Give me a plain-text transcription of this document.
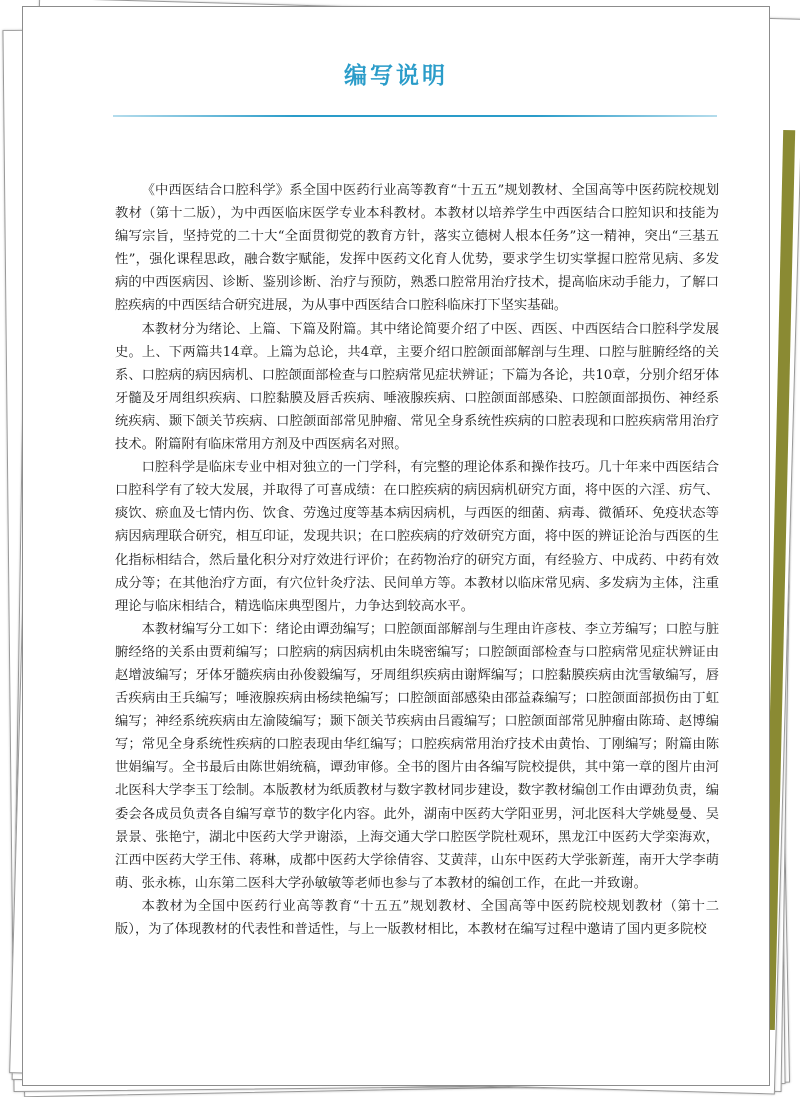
编写说明

《中西医结合口腔科学》系全国中医药行业高等教育“十五五”规划教材、全国高等中医药院校规划教材（第十二版），为中西医临床医学专业本科教材。本教材以培养学生中西医结合口腔知识和技能为编写宗旨，坚持党的二十大“全面贯彻党的教育方针，落实立德树人根本任务”这一精神，突出“三基五性”，强化课程思政，融合数字赋能，发挥中医药文化育人优势，要求学生切实掌握口腔常见病、多发病的中西医病因、诊断、鉴别诊断、治疗与预防，熟悉口腔常用治疗技术，提高临床动手能力，了解口腔疾病的中西医结合研究进展，为从事中西医结合口腔科临床打下坚实基础。

本教材分为绪论、上篇、下篇及附篇。其中绪论简要介绍了中医、西医、中西医结合口腔科学发展史。上、下两篇共14章。上篇为总论，共4章，主要介绍口腔颌面部解剖与生理、口腔与脏腑经络的关系、口腔病的病因病机、口腔颌面部检查与口腔病常见症状辨证；下篇为各论，共10章，分别介绍牙体牙髓及牙周组织疾病、口腔黏膜及唇舌疾病、唾液腺疾病、口腔颌面部感染、口腔颌面部损伤、神经系统疾病、颞下颌关节疾病、口腔颌面部常见肿瘤、常见全身系统性疾病的口腔表现和口腔疾病常用治疗技术。附篇附有临床常用方剂及中西医病名对照。

口腔科学是临床专业中相对独立的一门学科，有完整的理论体系和操作技巧。几十年来中西医结合口腔科学有了较大发展，并取得了可喜成绩：在口腔疾病的病因病机研究方面，将中医的六淫、疠气、痰饮、瘀血及七情内伤、饮食、劳逸过度等基本病因病机，与西医的细菌、病毒、微循环、免疫状态等病因病理联合研究，相互印证，发现共识；在口腔疾病的疗效研究方面，将中医的辨证论治与西医的生化指标相结合，然后量化积分对疗效进行评价；在药物治疗的研究方面，有经验方、中成药、中药有效成分等；在其他治疗方面，有穴位针灸疗法、民间单方等。本教材以临床常见病、多发病为主体，注重理论与临床相结合，精选临床典型图片，力争达到较高水平。

本教材编写分工如下：绪论由谭劲编写；口腔颌面部解剖与生理由许彦枝、李立芳编写；口腔与脏腑经络的关系由贾莉编写；口腔病的病因病机由朱晓密编写；口腔颌面部检查与口腔病常见症状辨证由赵增波编写；牙体牙髓疾病由孙俊毅编写，牙周组织疾病由谢辉编写；口腔黏膜疾病由沈雪敏编写，唇舌疾病由王兵编写；唾液腺疾病由杨续艳编写；口腔颌面部感染由邵益森编写；口腔颌面部损伤由丁虹编写；神经系统疾病由左渝陵编写；颞下颌关节疾病由吕霞编写；口腔颌面部常见肿瘤由陈琦、赵博编写；常见全身系统性疾病的口腔表现由华红编写；口腔疾病常用治疗技术由黄怡、丁刚编写；附篇由陈世娟编写。全书最后由陈世娟统稿，谭劲审修。全书的图片由各编写院校提供，其中第一章的图片由河北医科大学李玉丁绘制。本版教材为纸质教材与数字教材同步建设，数字教材编创工作由谭劲负责，编委会各成员负责各自编写章节的数字化内容。此外，湖南中医药大学阳亚男，河北医科大学姚曼曼、吴景景、张艳宁，湖北中医药大学尹谢添，上海交通大学口腔医学院杜观环，黑龙江中医药大学栾海欢，江西中医药大学王伟、蒋琳，成都中医药大学徐倩容、艾黄萍，山东中医药大学张新莲，南开大学李萌萌、张永栋，山东第二医科大学孙敏敏等老师也参与了本教材的编创工作，在此一并致谢。

本教材为全国中医药行业高等教育“十五五”规划教材、全国高等中医药院校规划教材（第十二版），为了体现教材的代表性和普适性，与上一版教材相比，本教材在编写过程中邀请了国内更多院校
